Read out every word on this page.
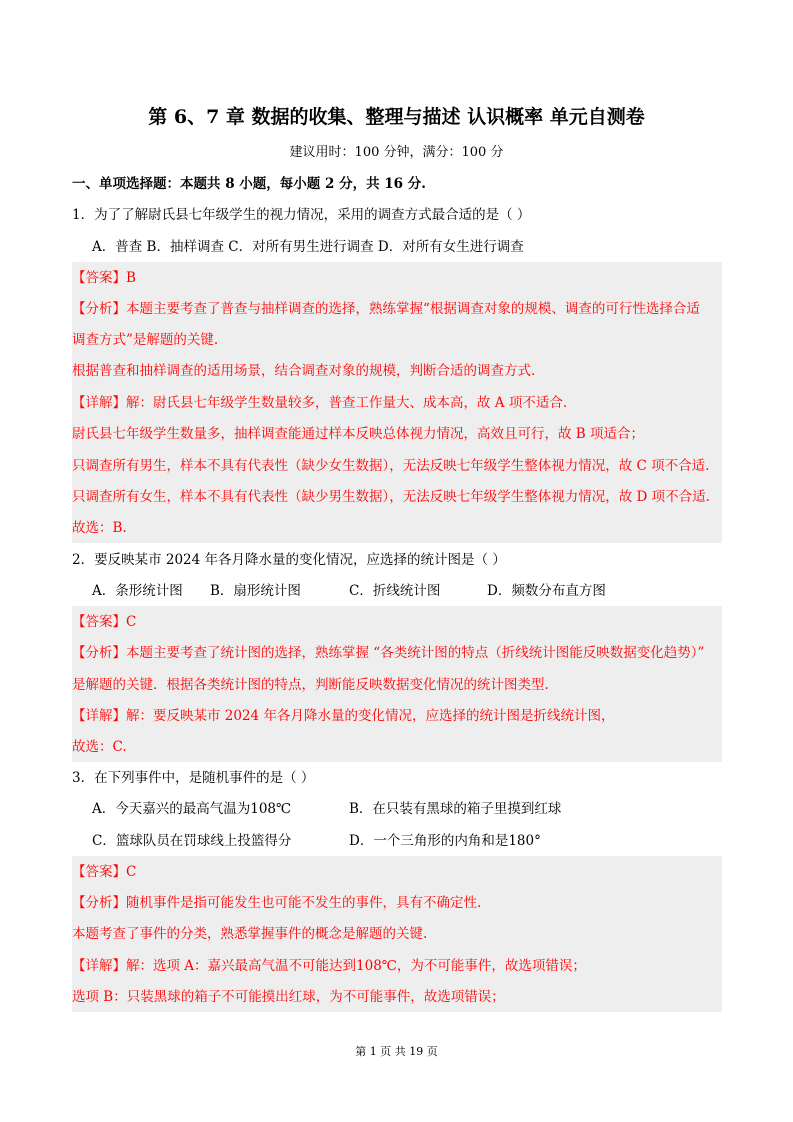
第 6、7 章 数据的收集、整理与描述 认识概率 单元自测卷
建议用时：100 分钟，满分：100 分
一、单项选择题：本题共 8 小题，每小题 2 分，共 16 分.
1．为了了解尉氏县七年级学生的视力情况，采用的调查方式最合适的是（ ）
A．普查 B．抽样调查 C．对所有男生进行调查 D．对所有女生进行调查
【答案】B
【分析】本题主要考查了普查与抽样调查的选择，熟练掌握“根据调查对象的规模、调查的可行性选择合适
调查方式”是解题的关键.
根据普查和抽样调查的适用场景，结合调查对象的规模，判断合适的调查方式.
【详解】解：尉氏县七年级学生数量较多，普查工作量大、成本高，故 A 项不适合.
尉氏县七年级学生数量多，抽样调查能通过样本反映总体视力情况，高效且可行，故 B 项适合；
只调查所有男生，样本不具有代表性（缺少女生数据），无法反映七年级学生整体视力情况，故 C 项不合适.
只调查所有女生，样本不具有代表性（缺少男生数据），无法反映七年级学生整体视力情况，故 D 项不合适.
故选：B.
2．要反映某市 2024 年各月降水量的变化情况，应选择的统计图是（ ）
A．条形统计图 B．扇形统计图	C．折线统计图	D．频数分布直方图
【答案】C
【分析】本题主要考查了统计图的选择，熟练掌握 “各类统计图的特点（折线统计图能反映数据变化趋势）”
是解题的关键．根据各类统计图的特点，判断能反映数据变化情况的统计图类型.
【详解】解：要反映某市 2024 年各月降水量的变化情况，应选择的统计图是折线统计图，
故选：C.
3．在下列事件中，是随机事件的是（ ）
A．今天嘉兴的最高气温为108℃	B．在只装有黑球的箱子里摸到红球
C．篮球队员在罚球线上投篮得分	D．一个三角形的内角和是180°
【答案】C
【分析】随机事件是指可能发生也可能不发生的事件，具有不确定性.
本题考查了事件的分类，熟悉掌握事件的概念是解题的关键.
【详解】解：选项 A：嘉兴最高气温不可能达到108℃，为不可能事件，故选项错误；
选项 B：只装黑球的箱子不可能摸出红球，为不可能事件，故选项错误；
第 1 页 共 19 页
